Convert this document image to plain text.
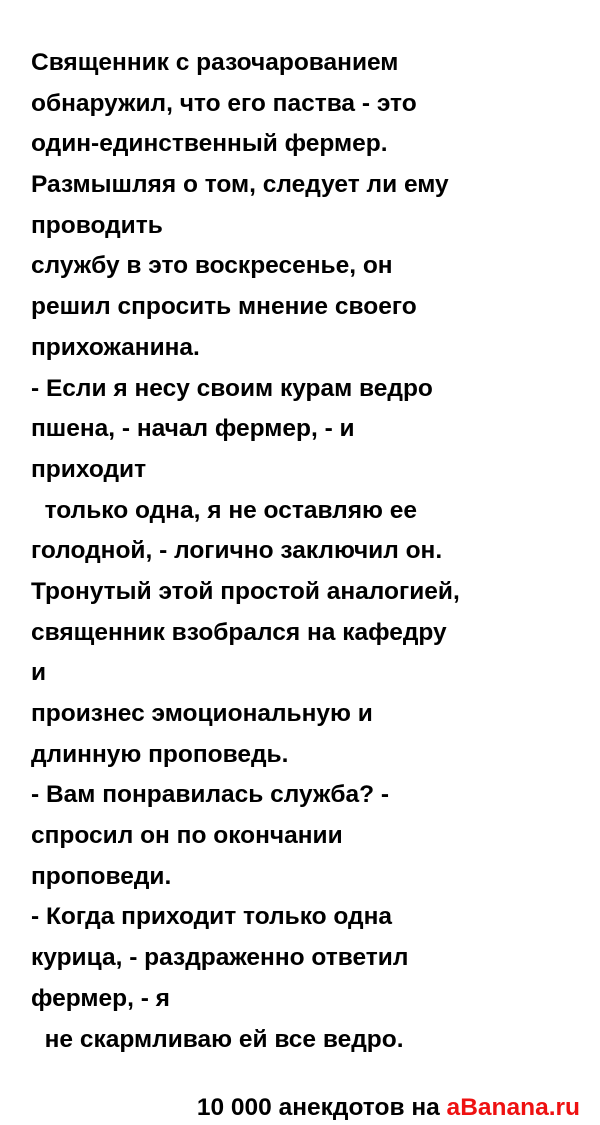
Священник с разочарованием
обнаружил, что его паства - это
один-единственный фермер.
Размышляя о том, следует ли ему
проводить
службу в это воскресенье, он
решил спросить мнение своего
прихожанина.
- Если я несу своим курам ведро
пшена, - начал фермер, - и
приходит
только одна, я не оставляю ее
голодной, - логично заключил он.
Тронутый этой простой аналогией,
священник взобрался на кафедру
и
произнес эмоциональную и
длинную проповедь.
- Вам понравилась служба? -
спросил он по окончании
проповеди.
- Когда приходит только одна
курица, - раздраженно ответил
фермер, - я
не скармливаю ей все ведро.

10 000 анекдотов на aBanana.ru
